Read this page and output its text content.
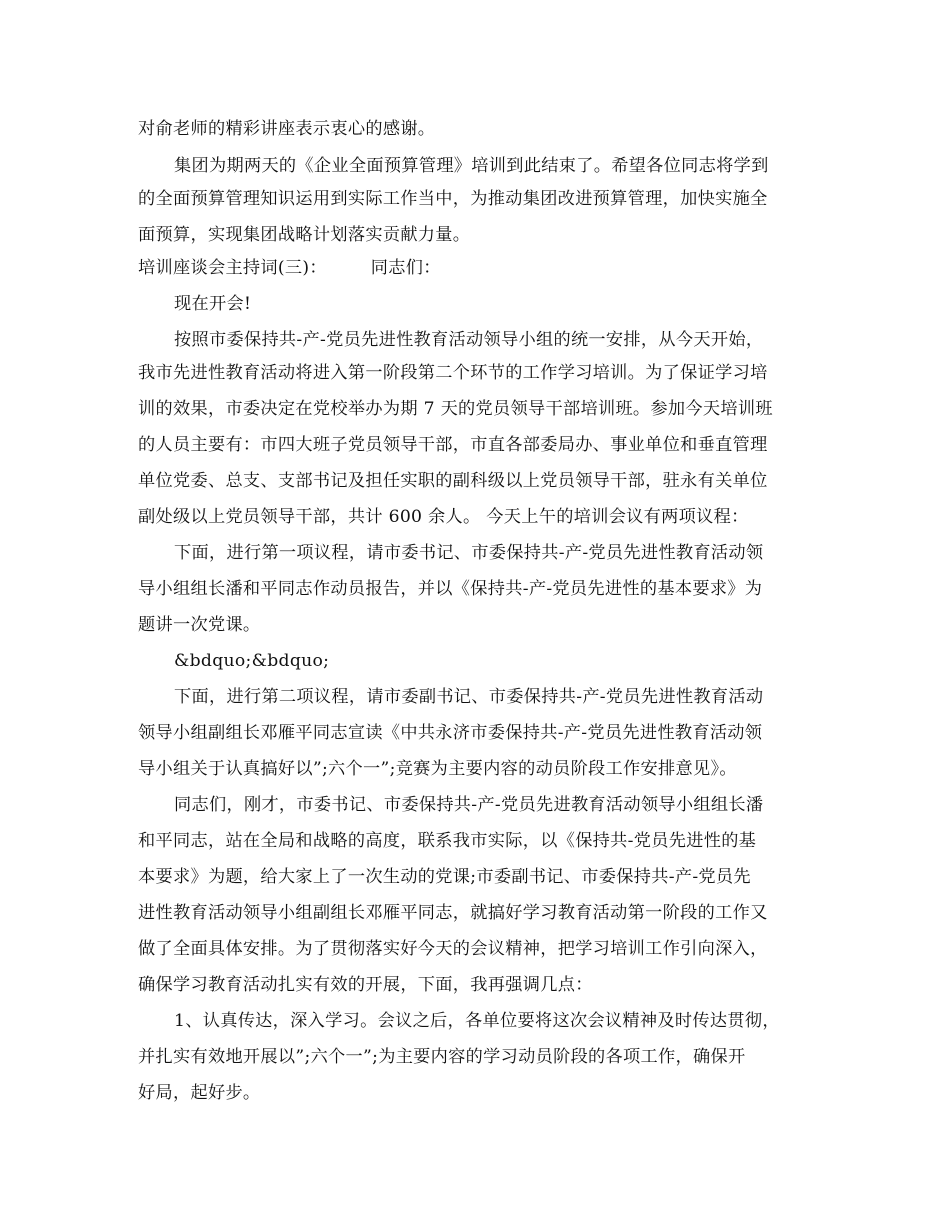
对俞老师的精彩讲座表示衷心的感谢。

集团为期两天的《企业全面预算管理》培训到此结束了。希望各位同志将学到

的全面预算管理知识运用到实际工作当中，为推动集团改进预算管理，加快实施全

面预算，实现集团战略计划落实贡献力量。

培训座谈会主持词(三)：　　　同志们：

现在开会!

按照市委保持共-产-党员先进性教育活动领导小组的统一安排，从今天开始，

我市先进性教育活动将进入第一阶段第二个环节的工作学习培训。为了保证学习培

训的效果，市委决定在党校举办为期 7 天的党员领导干部培训班。参加今天培训班

的人员主要有：市四大班子党员领导干部，市直各部委局办、事业单位和垂直管理

单位党委、总支、支部书记及担任实职的副科级以上党员领导干部，驻永有关单位

副处级以上党员领导干部，共计 600 余人。 今天上午的培训会议有两项议程：

下面，进行第一项议程，请市委书记、市委保持共-产-党员先进性教育活动领

导小组组长潘和平同志作动员报告，并以《保持共-产-党员先进性的基本要求》为

题讲一次党课。

&bdquo;&bdquo;

下面，进行第二项议程，请市委副书记、市委保持共-产-党员先进性教育活动

领导小组副组长邓雁平同志宣读《中共永济市委保持共-产-党员先进性教育活动领

导小组关于认真搞好以”;六个一”;竞赛为主要内容的动员阶段工作安排意见》。

同志们，刚才，市委书记、市委保持共-产-党员先进教育活动领导小组组长潘

和平同志，站在全局和战略的高度，联系我市实际，以《保持共-党员先进性的基

本要求》为题，给大家上了一次生动的党课;市委副书记、市委保持共-产-党员先

进性教育活动领导小组副组长邓雁平同志，就搞好学习教育活动第一阶段的工作又

做了全面具体安排。为了贯彻落实好今天的会议精神，把学习培训工作引向深入，

确保学习教育活动扎实有效的开展，下面，我再强调几点：

1、认真传达，深入学习。会议之后，各单位要将这次会议精神及时传达贯彻，

并扎实有效地开展以”;六个一”;为主要内容的学习动员阶段的各项工作，确保开

好局，起好步。
